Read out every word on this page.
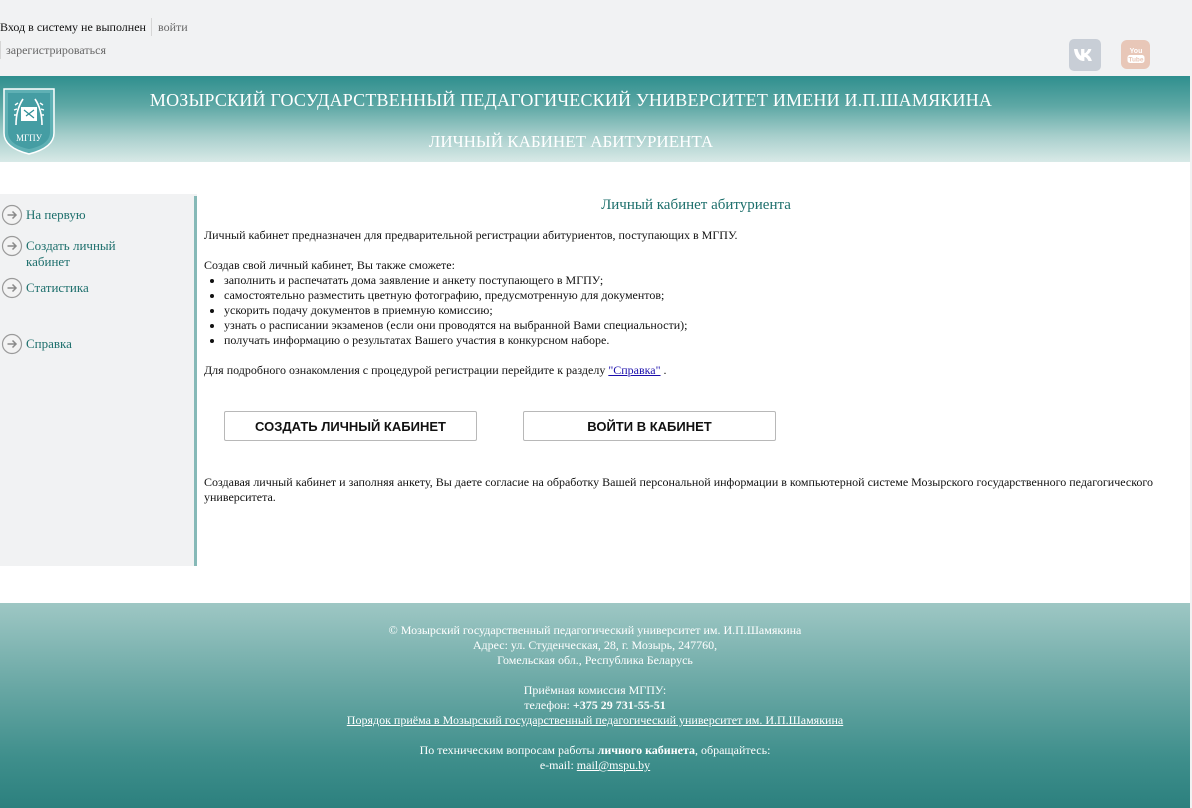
Вход в систему не выполнен войти
зарегистрироваться	You
Tube
МГПУ
МОЗЫРСКИЙ ГОСУДАРСТВЕННЫЙ ПЕДАГОГИЧЕСКИЙ УНИВЕРСИТЕТ ИМЕНИ И.П.ШАМЯКИНА
ЛИЧНЫЙ КАБИНЕТ АБИТУРИЕНТА
На первую
Создать личный кабинет
Статистика
Справка
Личный кабинет абитуриента
Личный кабинет предназначен для предварительной регистрации абитуриентов, поступающих в МГПУ.
Создав свой личный кабинет, Вы также сможете:
• заполнить и распечатать дома заявление и анкету поступающего в МГПУ;
• самостоятельно разместить цветную фотографию, предусмотренную для документов;
• ускорить подачу документов в приемную комиссию;
• узнать о расписании экзаменов (если они проводятся на выбранной Вами специальности);
• получать информацию о результатах Вашего участия в конкурсном наборе.
Для подробного ознакомления с процедурой регистрации перейдите к разделу "Справка" .
СОЗДАТЬ ЛИЧНЫЙ КАБИНЕТ	ВОЙТИ В КАБИНЕТ
Создавая личный кабинет и заполняя анкету, Вы даете согласие на обработку Вашей персональной информации в компьютерной системе Мозырского государственного педагогического университета.
© Мозырский государственный педагогический университет им. И.П.Шамякина
Адрес: ул. Студенческая, 28, г. Мозырь, 247760,
Гомельская обл., Республика Беларусь
Приёмная комиссия МГПУ:
телефон: +375 29 731-55-51
Порядок приёма в Мозырский государственный педагогический университет им. И.П.Шамякина
По техническим вопросам работы личного кабинета, обращайтесь:
e-mail: mail@mspu.by
